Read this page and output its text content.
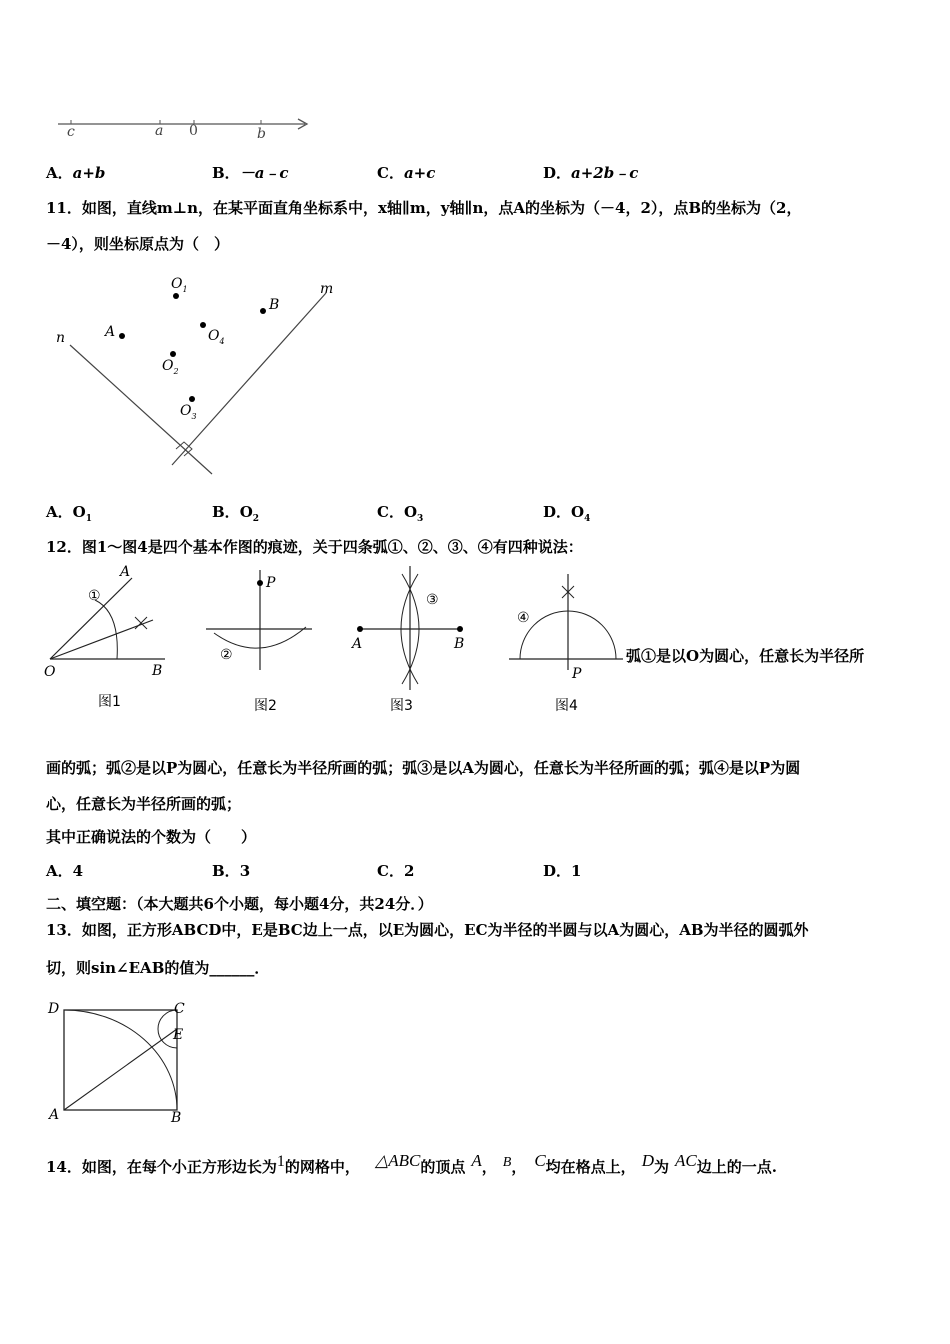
c	a 0	b
A．a+b	B．－a﹣c	C．a+c	D．a+2b﹣c
11．如图，直线m⊥n，在某平面直角坐标系中，x轴∥m，y轴∥n，点A的坐标为（－4，2），点B的坐标为（2，
－4），则坐标原点为（　）
n
m
A
B
$O_1$
$O_4$
$O_2$
$O_3$
A．$O_1$	B．$O_2$	C．$O_3$	D．$O_4$
12．图1～图4是四个基本作图的痕迹，关于四条弧①、②、③、④有四种说法：
A
①
O	B
图1
P
②
图2
A	B
③
图3
④
P
图4
弧①是以O为圆心，任意长为半径所
画的弧；弧②是以P为圆心，任意长为半径所画的弧；弧③是以A为圆心，任意长为半径所画的弧；弧④是以P为圆
心，任意长为半径所画的弧；
其中正确说法的个数为（　　）
A．4	B．3	C．2	D．1
二、填空题：（本大题共6个小题，每小题4分，共24分．）
13．如图，正方形ABCD中，E是BC边上一点，以E为圆心，EC为半径的半圆与以A为圆心，AB为半径的圆弧外
切，则sin∠EAB的值为______．
D	C
E
A	B
14．如图，在每个小正方形边长为$^1$的网格中， $^{\triangle ABC}$的顶点 $^A$， $^B$， $^C$均在格点上， $^D$为 $^{AC}$边上的一点.
